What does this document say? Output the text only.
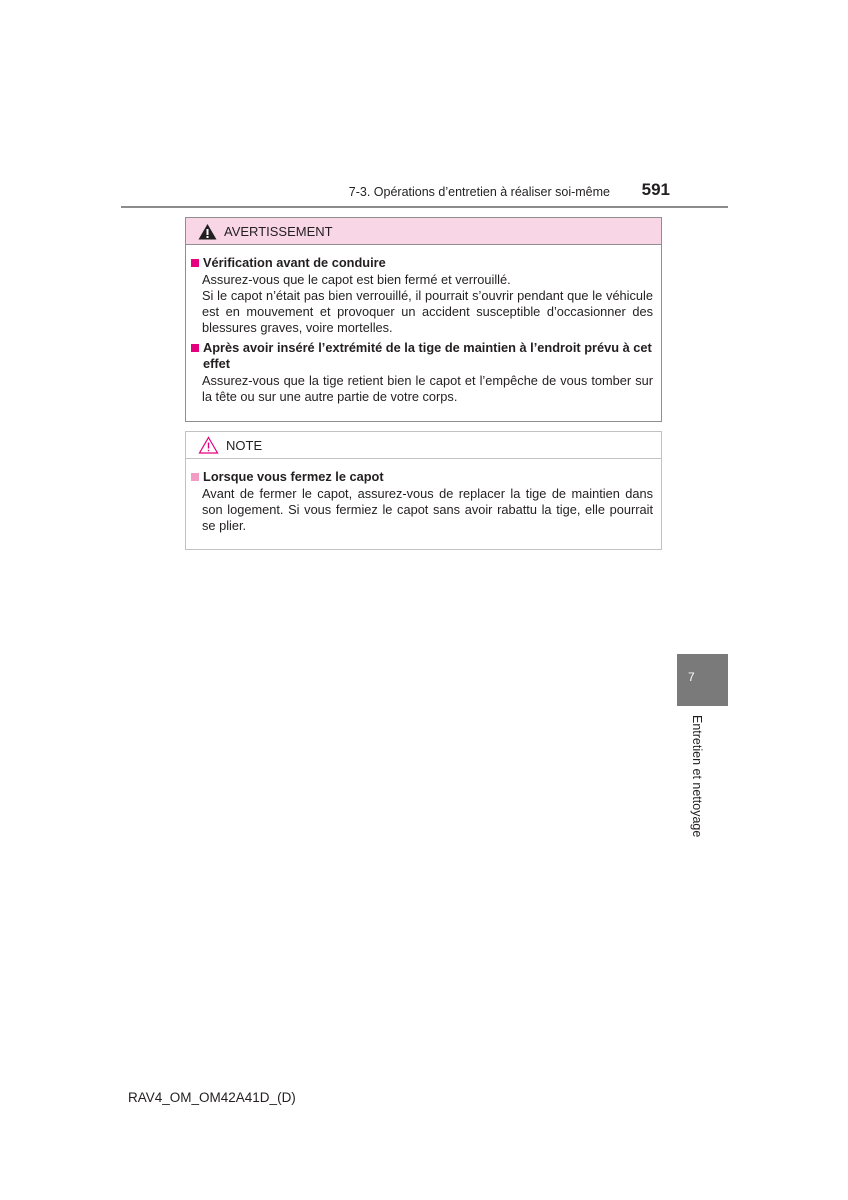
7-3. Opérations d’entretien à réaliser soi-même	591
AVERTISSEMENT
Vérification avant de conduire

Assurez-vous que le capot est bien fermé et verrouillé.

Si le capot n’était pas bien verrouillé, il pourrait s’ouvrir pendant que le véhicule est en mouvement et provoquer un accident susceptible d’occasionner des blessures graves, voire mortelles.

Après avoir inséré l’extrémité de la tige de maintien à l’endroit prévu à cet effet

Assurez-vous que la tige retient bien le capot et l’empêche de vous tomber sur la tête ou sur une autre partie de votre corps.

NOTE
Lorsque vous fermez le capot

Avant de fermer le capot, assurez-vous de replacer la tige de maintien dans son logement. Si vous fermiez le capot sans avoir rabattu la tige, elle pourrait se plier.

7
Entretien et nettoyage
RAV4_OM_OM42A41D_(D)
